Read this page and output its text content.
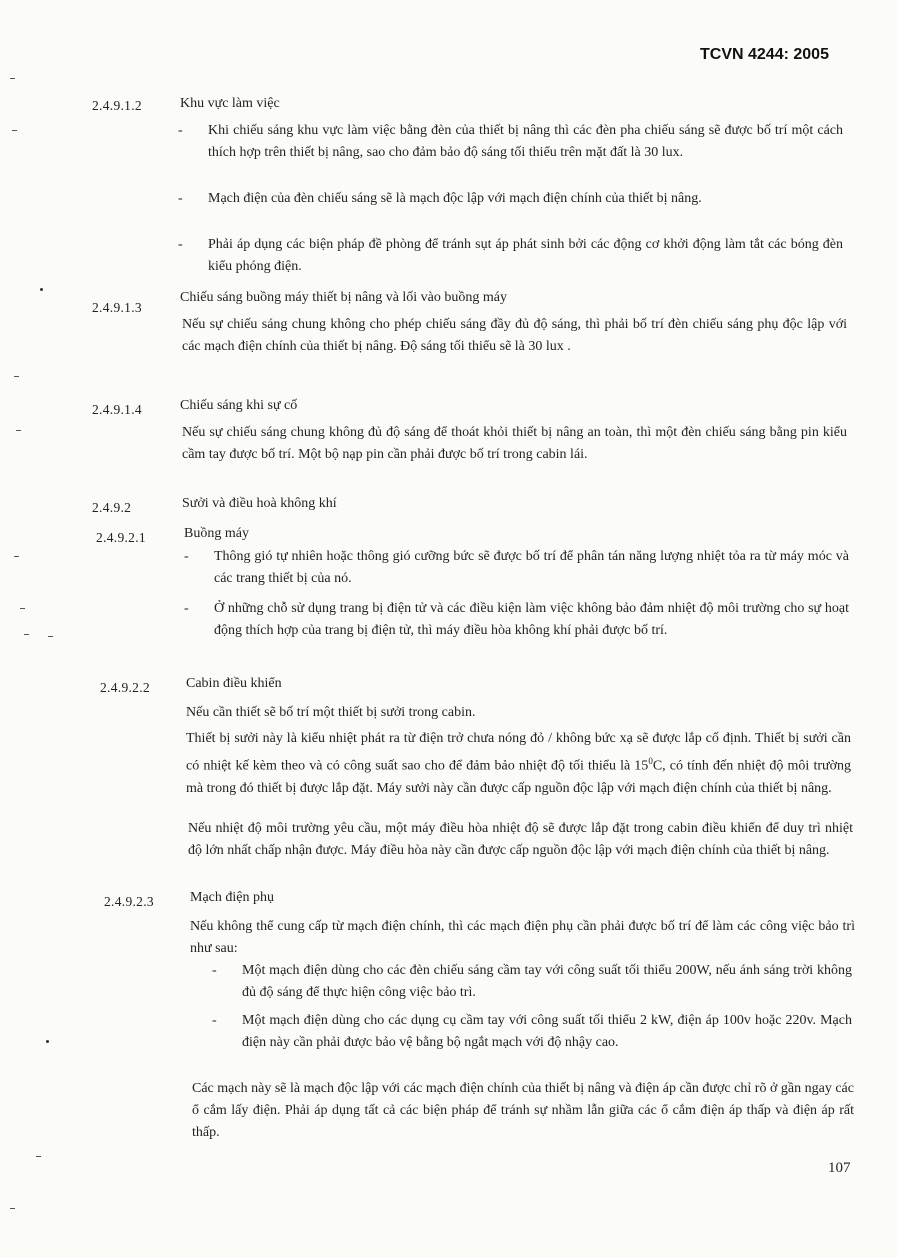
TCVN 4244: 2005
2.4.9.1.2	Khu vực làm việc
- Khi chiếu sáng khu vực làm việc bằng đèn của thiết bị nâng thì các đèn pha chiếu sáng sẽ được bố trí một cách thích hợp trên thiết bị nâng, sao cho đảm bảo độ sáng tối thiểu trên mặt đất là 30 lux.
- Mạch điện của đèn chiếu sáng sẽ là mạch độc lập với mạch điện chính của thiết bị nâng.
- Phải áp dụng các biện pháp đề phòng để tránh sụt áp phát sinh bởi các động cơ khởi động làm tắt các bóng đèn kiểu phóng điện.
2.4.9.1.3
Chiếu sáng buồng máy thiết bị nâng và lối vào buồng máy
Nếu sự chiếu sáng chung không cho phép chiếu sáng đầy đủ độ sáng, thì phải bố trí đèn chiếu sáng phụ độc lập với các mạch điện chính của thiết bị nâng. Độ sáng tối thiểu sẽ là 30 lux .
2.4.9.1.4	Chiếu sáng khi sự cố
Nếu sự chiếu sáng chung không đủ độ sáng để thoát khỏi thiết bị nâng an toàn, thì một đèn chiếu sáng bằng pin kiểu cầm tay được bố trí. Một bộ nạp pin cần phải được bố trí trong cabin lái.
2.4.9.2	Sưởi và điều hoà không khí
2.4.9.2.1	Buồng máy
- Thông gió tự nhiên hoặc thông gió cưỡng bức sẽ được bố trí để phân tán năng lượng nhiệt tỏa ra từ máy móc và các trang thiết bị của nó.
- Ở những chỗ sử dụng trang bị điện tử và các điều kiện làm việc không bảo đảm nhiệt độ môi trường cho sự hoạt động thích hợp của trang bị điện tử, thì máy điều hòa không khí phải được bố trí.
2.4.9.2.2	Cabin điều khiển
Nếu cần thiết sẽ bố trí một thiết bị sưởi trong cabin.
Thiết bị sưởi này là kiểu nhiệt phát ra từ điện trở chưa nóng đỏ / không bức xạ sẽ được lắp cố định. Thiết bị sưởi cần có nhiệt kế kèm theo và có công suất sao cho để đảm bảo nhiệt độ tối thiểu là $15^0C$, có tính đến nhiệt độ môi trường mà trong đó thiết bị được lắp đặt. Máy sưởi này cần được cấp nguồn độc lập với mạch điện chính của thiết bị nâng.
Nếu nhiệt độ môi trường yêu cầu, một máy điều hòa nhiệt độ sẽ được lắp đặt trong cabin điều khiển để duy trì nhiệt độ lớn nhất chấp nhận được. Máy điều hòa này cần được cấp nguồn độc lập với mạch điện chính của thiết bị nâng.
2.4.9.2.3	Mạch điện phụ
Nếu không thể cung cấp từ mạch điện chính, thì các mạch điện phụ cần phải được bố trí để làm các công việc bảo trì như sau:
- Một mạch điện dùng cho các đèn chiếu sáng cầm tay với công suất tối thiểu 200W, nếu ánh sáng trời không đủ độ sáng để thực hiện công việc bảo trì.
- Một mạch điện dùng cho các dụng cụ cầm tay với công suất tối thiểu 2 kW, điện áp 100v hoặc 220v. Mạch điện này cần phải được bảo vệ bằng bộ ngắt mạch với độ nhậy cao.
Các mạch này sẽ là mạch độc lập với các mạch điện chính của thiết bị nâng và điện áp cần được chỉ rõ ở gần ngay các ổ cắm lấy điện. Phải áp dụng tất cả các biện pháp để tránh sự nhầm lẫn giữa các ổ cắm điện áp thấp và điện áp rất thấp.
107
